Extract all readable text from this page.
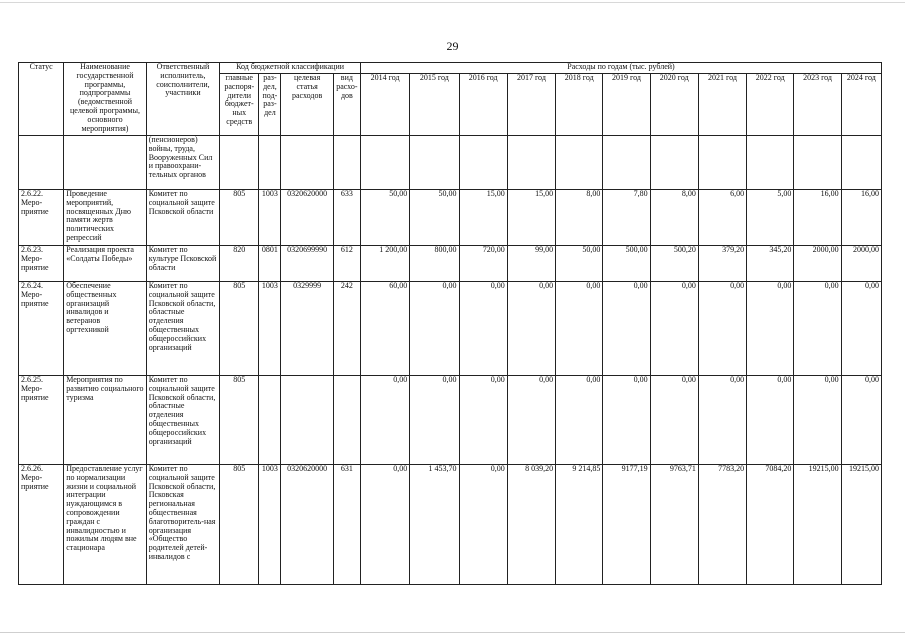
29
Статус	Наименование государственной программы, подпрограммы (ведомственной целевой программы, основного мероприятия)	Ответственный исполнитель, соисполнители, участники	Код бюджетной классификации				Расходы по годам (тыс. рублей)										
			главные распоря-дители бюджет-ных средств	раз-дел, под-раз-дел	целевая статья расходов	вид расхо-дов	2014 год	2015 год	2016 год	2017 год	2018 год	2019 год	2020 год	2021 год	2022 год	2023 год	2024 год
		(пенсионеров) войны, труда, Вооруженных Сил и правоохрани-тельных органов															
2.6.22. Меро-приятие	Проведение мероприятий, посвященных Дню памяти жертв политических репрессий	Комитет по социальной защите Псковской области	805	1003	0320620000	633	50,00	50,00	15,00	15,00	8,00	7,80	8,00	6,00	5,00	16,00	16,00
2.6.23. Меро-приятие	Реализация проекта «Солдаты Победы»	Комитет по культуре Псковской области	820	0801	0320699990	612	1 200,00	800,00	720,00	99,00	50,00	500,00	500,20	379,20	345,20	2000,00	2000,00
2.6.24. Меро-приятие	Обеспечение общественных организаций инвалидов и ветеранов оргтехникой	Комитет по социальной защите Псковской области, областные отделения общественных общероссийских организаций	805	1003	0329999	242	60,00	0,00	0,00	0,00	0,00	0,00	0,00	0,00	0,00	0,00	0,00
2.6.25. Меро-приятие	Мероприятия по развитию социального туризма	Комитет по социальной защите Псковской области, областные отделения общественных общероссийских организаций	805				0,00	0,00	0,00	0,00	0,00	0,00	0,00	0,00	0,00	0,00	0,00
2.6.26. Меро-приятие	Предоставление услуг по нормализации жизни и социальной интеграции нуждающимся в сопровождении граждан с инвалидностью и пожилым людям вне стационара	Комитет по социальной защите Псковской области, Псковская региональная общественная благотворитель-ная организация «Общество родителей детей-инвалидов с	805	1003	0320620000	631	0,00	1 453,70	0,00	8 039,20	9 214,85	9177,19	9763,71	7783,20	7084,20	19215,00	19215,00
